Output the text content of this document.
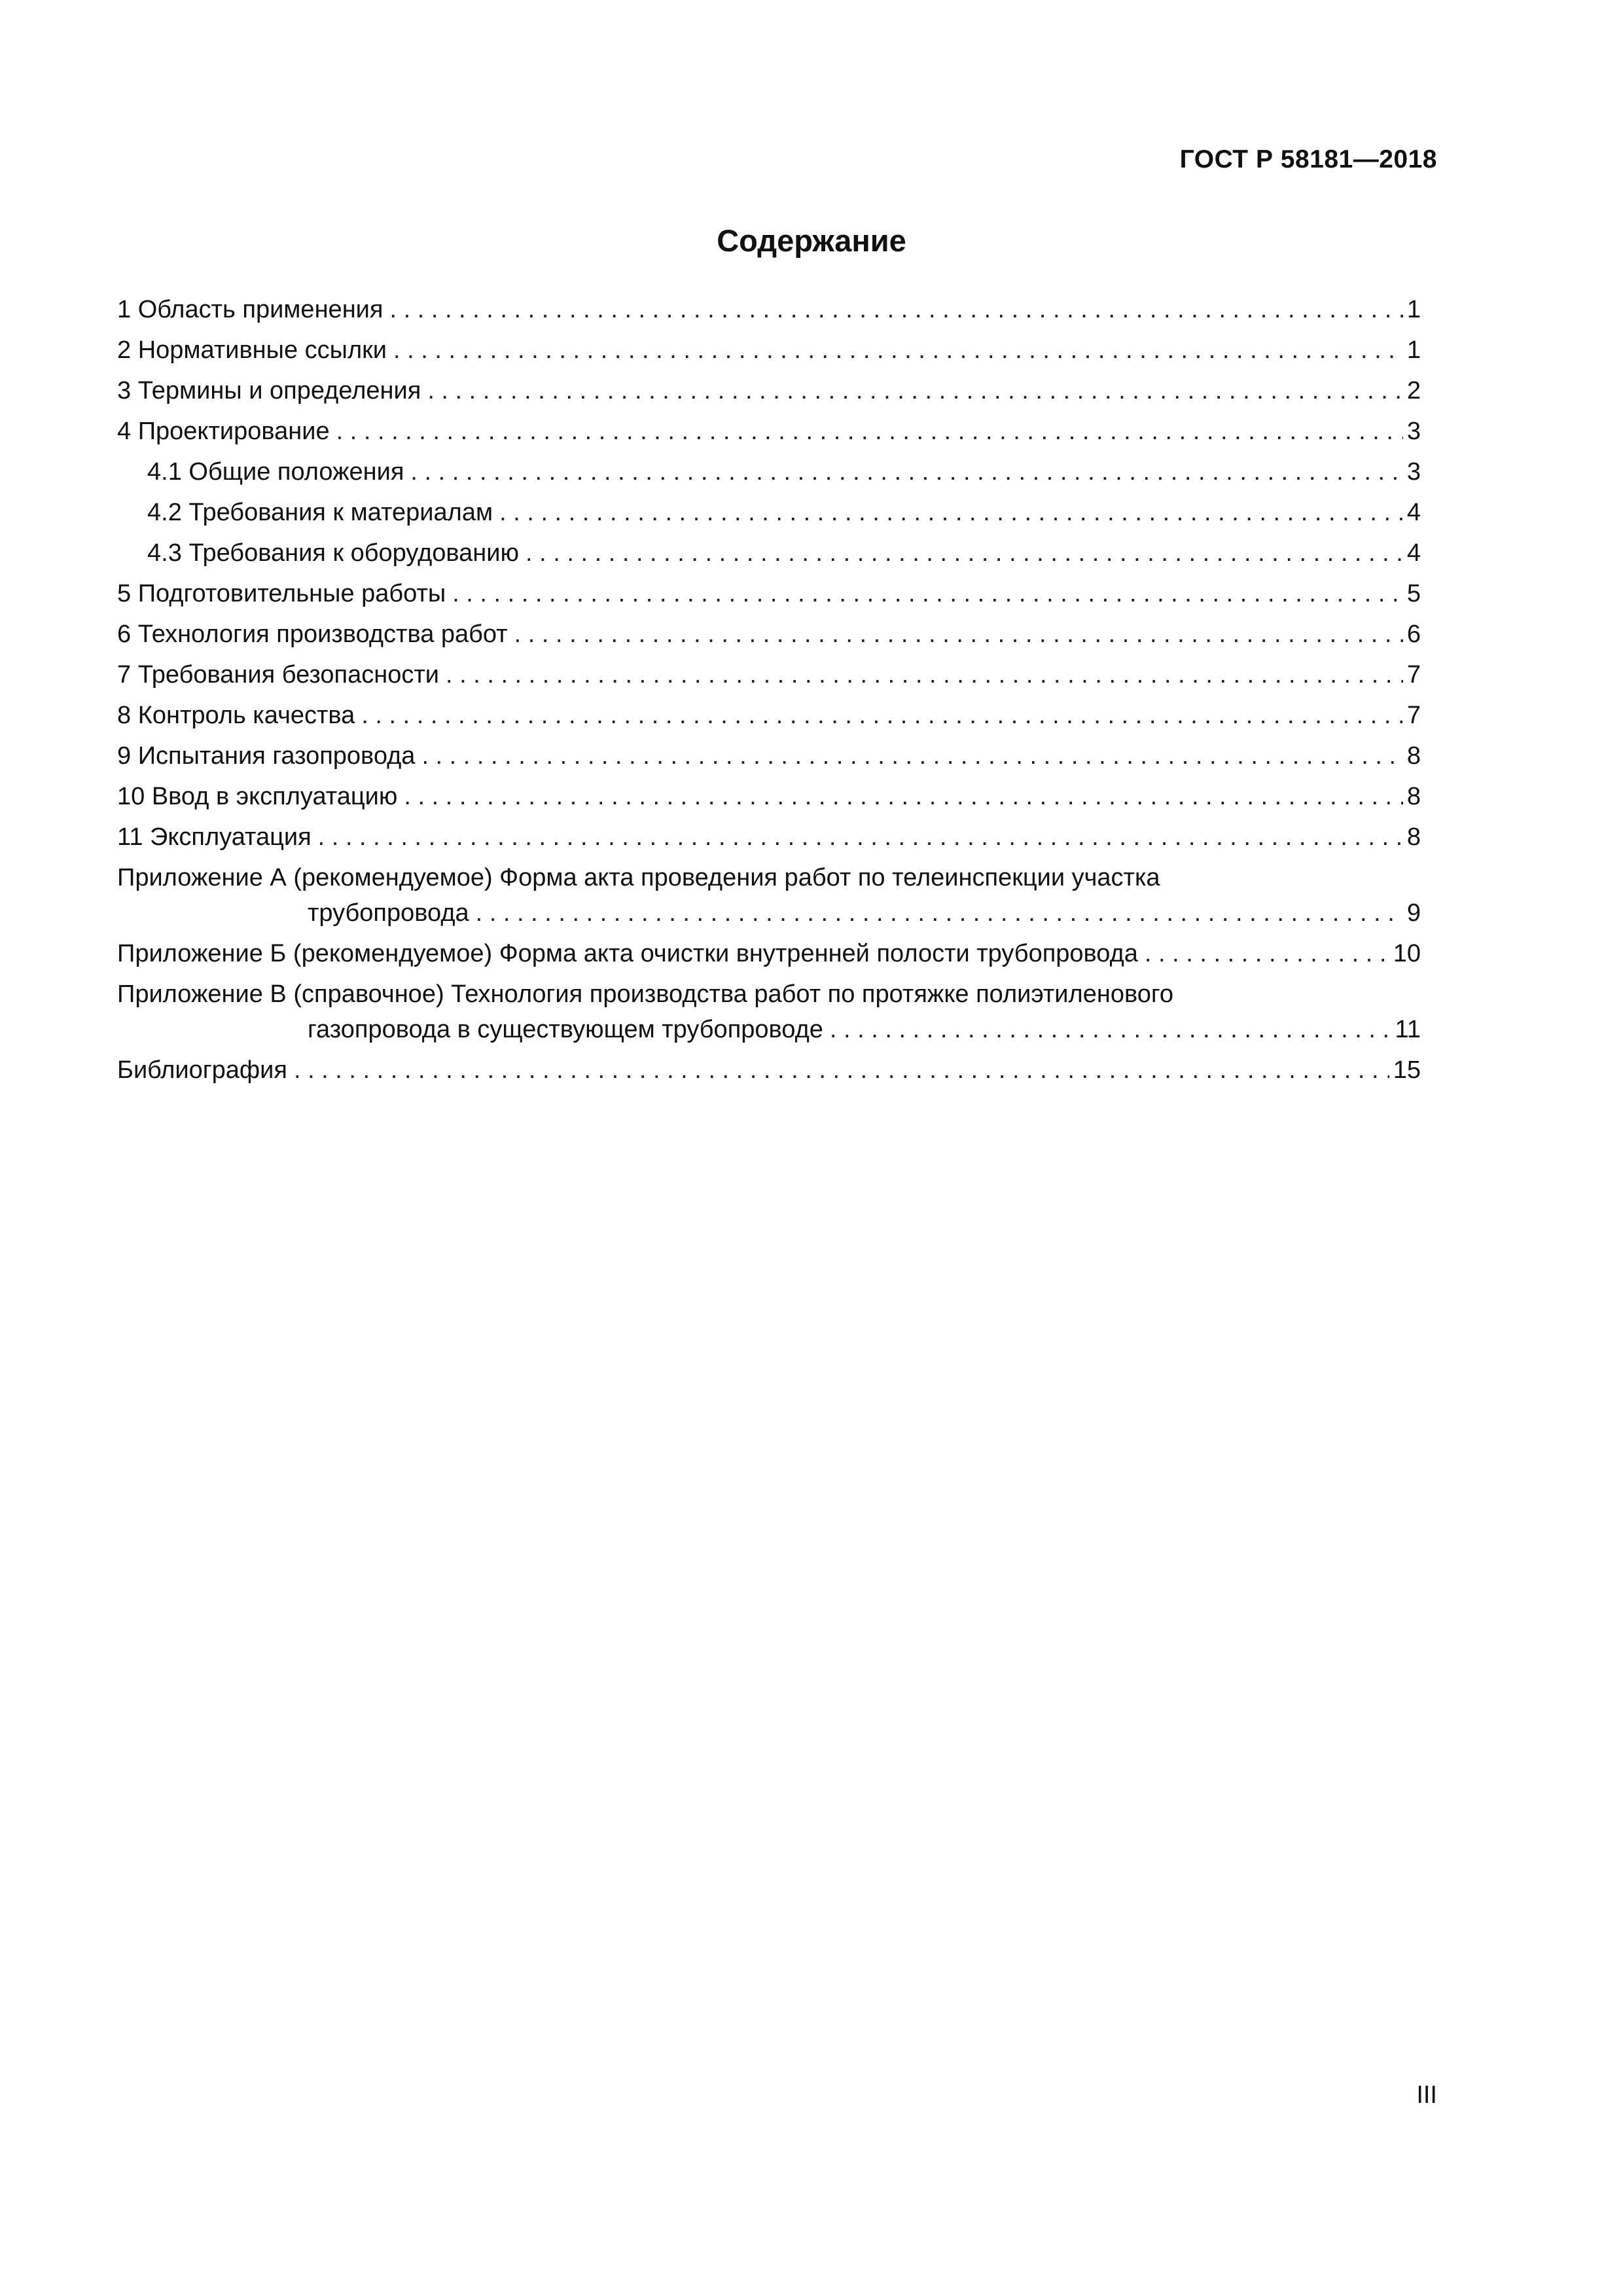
ГОСТ Р 58181—2018
Содержание
1 Область применения . . .	1
2 Нормативные ссылки . . .	1
3 Термины и определения . . .	2
4 Проектирование . . .	3
4.1 Общие положения . . .	3
4.2 Требования к материалам . . .	4
4.3 Требования к оборудованию . . .	4
5 Подготовительные работы . . .	5
6 Технология производства работ . . .	6
7 Требования безопасности . . .	7
8 Контроль качества . . .	7
9 Испытания газопровода . . .	8
10 Ввод в эксплуатацию . . .	8
11 Эксплуатация . . .	8
Приложение А (рекомендуемое) Форма акта проведения работ по телеинспекции участка
трубопровода . . .	9
Приложение Б (рекомендуемое) Форма акта очистки внутренней полости трубопровода . . .	10
Приложение В (справочное) Технология производства работ по протяжке полиэтиленового
газопровода в существующем трубопроводе . . .	11
Библиография . . .	15
III
